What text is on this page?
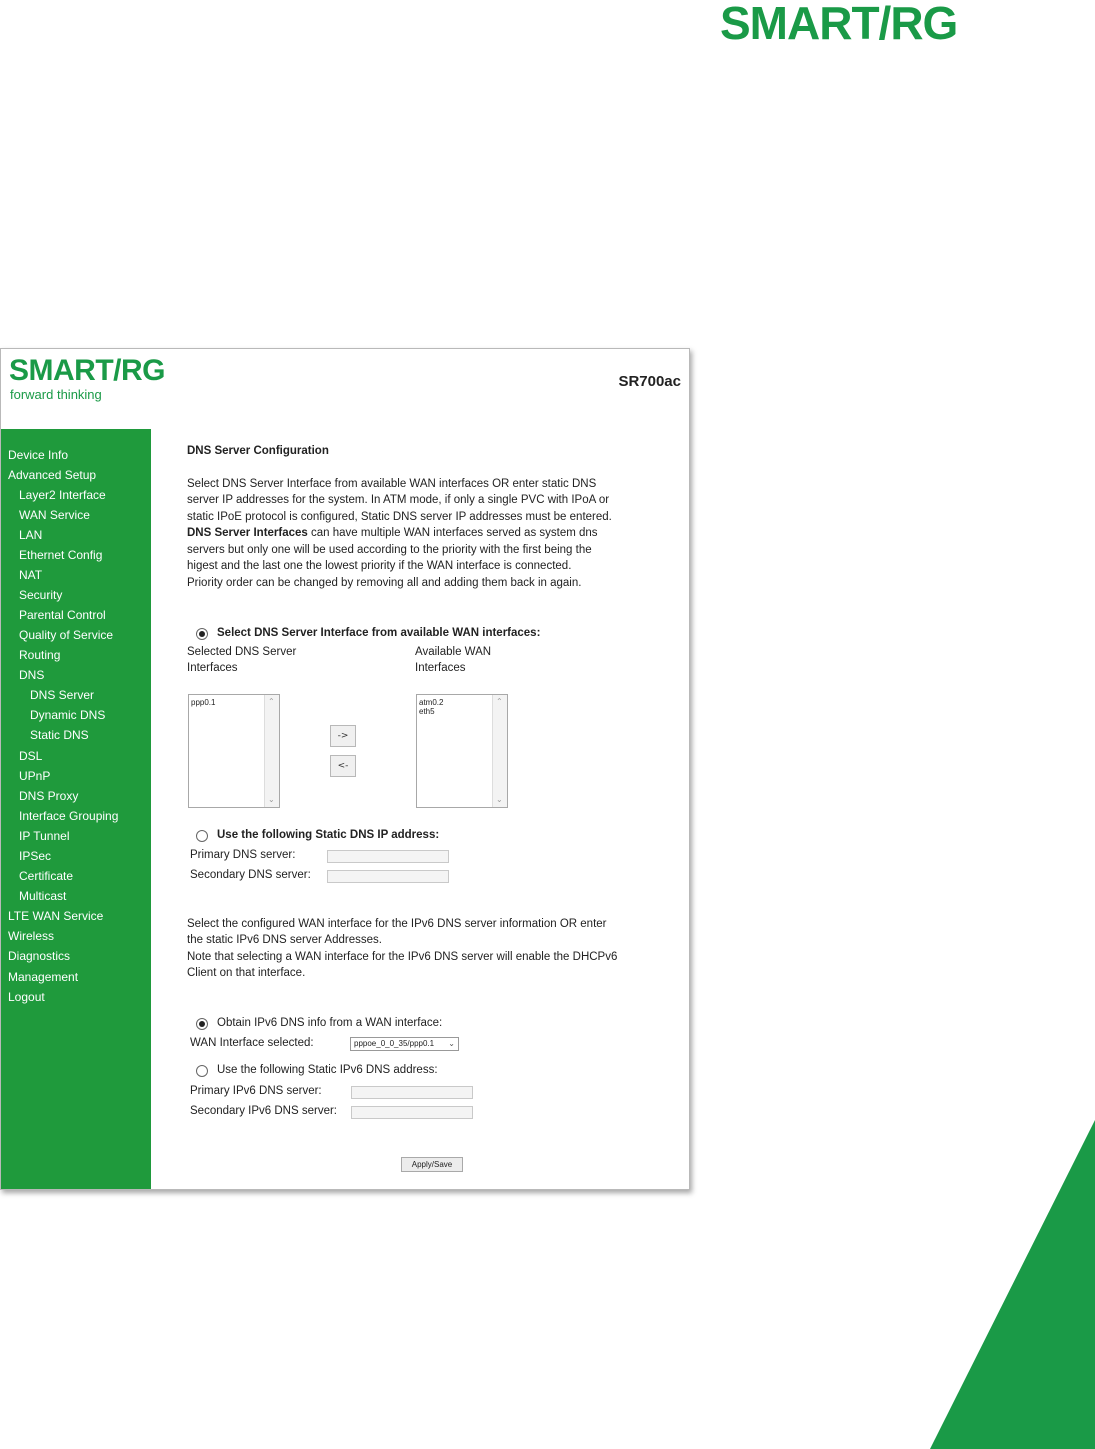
SMART/RG
SMART/RG
forward thinking
SR700ac
Device Info
Advanced Setup
Layer2 Interface
WAN Service
LAN
Ethernet Config
NAT
Security
Parental Control
Quality of Service
Routing
DNS
DNS Server
Dynamic DNS
Static DNS
DSL
UPnP
DNS Proxy
Interface Grouping
IP Tunnel
IPSec
Certificate
Multicast
LTE WAN Service
Wireless
Diagnostics
Management
Logout
DNS Server Configuration
Select DNS Server Interface from available WAN interfaces OR enter static DNS
server IP addresses for the system. In ATM mode, if only a single PVC with IPoA or
static IPoE protocol is configured, Static DNS server IP addresses must be entered.
DNS Server Interfaces can have multiple WAN interfaces served as system dns
servers but only one will be used according to the priority with the first being the
higest and the last one the lowest priority if the WAN interface is connected.
Priority order can be changed by removing all and adding them back in again.
Select DNS Server Interface from available WAN interfaces:
Selected DNS Server
Interfaces
Available WAN
Interfaces
ppp0.1	⌃
⌄
->
<-
atm0.2
eth5
⌃
⌄
Use the following Static DNS IP address:
Primary DNS server:
Secondary DNS server:
Select the configured WAN interface for the IPv6 DNS server information OR enter
the static IPv6 DNS server Addresses.
Note that selecting a WAN interface for the IPv6 DNS server will enable the DHCPv6
Client on that interface.
Obtain IPv6 DNS info from a WAN interface:
WAN Interface selected:	pppoe_0_0_35/ppp0.1 ⌄
Use the following Static IPv6 DNS address:
Primary IPv6 DNS server:
Secondary IPv6 DNS server:
Apply/Save
